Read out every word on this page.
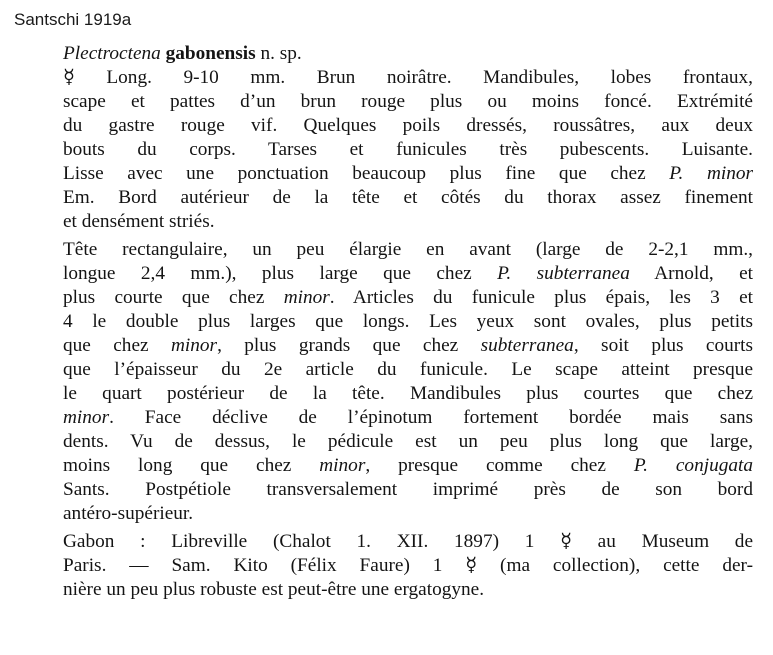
Santschi 1919a
Plectroctena gabonensis n. sp.
☿ Long. 9-10 mm. Brun noirâtre. Mandibules, lobes frontaux,
scape et pattes d’un brun rouge plus ou moins foncé. Extrémité
du gastre rouge vif. Quelques poils dressés, roussâtres, aux deux
bouts du corps. Tarses et funicules très pubescents. Luisante.
Lisse avec une ponctuation beaucoup plus fine que chez P. minor
Em. Bord autérieur de la tête et côtés du thorax assez finement
et densément striés.
Tête rectangulaire, un peu élargie en avant (large de 2-2,1 mm.,
longue 2,4 mm.), plus large que chez P. subterranea Arnold, et
plus courte que chez minor. Articles du funicule plus épais, les 3 et
4 le double plus larges que longs. Les yeux sont ovales, plus petits
que chez minor, plus grands que chez subterranea, soit plus courts
que l’épaisseur du 2e article du funicule. Le scape atteint presque
le quart postérieur de la tête. Mandibules plus courtes que chez
minor. Face déclive de l’épinotum fortement bordée mais sans
dents. Vu de dessus, le pédicule est un peu plus long que large,
moins long que chez minor, presque comme chez P. conjugata
Sants. Postpétiole transversalement imprimé près de son bord
antéro-supérieur.
Gabon : Libreville (Chalot 1. XII. 1897) 1 ☿ au Museum de
Paris. — Sam. Kito (Félix Faure) 1 ☿ (ma collection), cette der-
nière un peu plus robuste est peut-être une ergatogyne.
